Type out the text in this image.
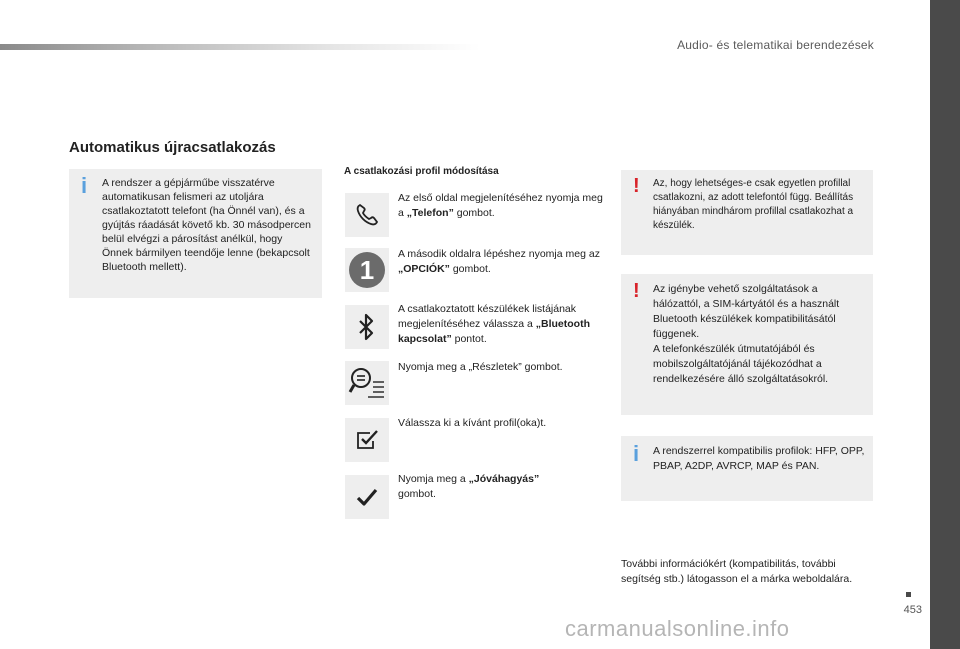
Audio- és telematikai berendezések
Automatikus újracsatlakozás
i A rendszer a gépjárműbe visszatérve automatikusan felismeri az utoljára csatlakoztatott telefont (ha Önnél van), és a gyújtás ráadását követő kb. 30 másodpercen belül elvégzi a párosítást anélkül, hogy Önnek bármilyen teendője lenne (bekapcsolt Bluetooth mellett).
A csatlakozási profil módosítása
Az első oldal megjelenítéséhez nyomja meg a „Telefon” gombot.
1
A második oldalra lépéshez nyomja meg az „OPCIÓK” gombot.
A csatlakoztatott készülékek listájának megjelenítéséhez válassza a „Bluetooth kapcsolat” pontot.
Nyomja meg a „Részletek” gombot.
Válassza ki a kívánt profil(oka)t.
Nyomja meg a „Jóváhagyás” gombot.
! Az, hogy lehetséges-e csak egyetlen profillal csatlakozni, az adott telefontól függ. Beállítás hiányában mindhárom profillal csatlakozhat a készülék.
! Az igénybe vehető szolgáltatások a hálózattól, a SIM-kártyától és a használt Bluetooth készülékek kompatibilitásától függenek.
A telefonkészülék útmutatójából és mobilszolgáltatójánál tájékozódhat a rendelkezésére álló szolgáltatásokról.
i A rendszerrel kompatibilis profilok: HFP, OPP, PBAP, A2DP, AVRCP, MAP és PAN.
További információkért (kompatibilitás, további segítség stb.) látogasson el a márka weboldalára.
453
carmanualsonline.info
